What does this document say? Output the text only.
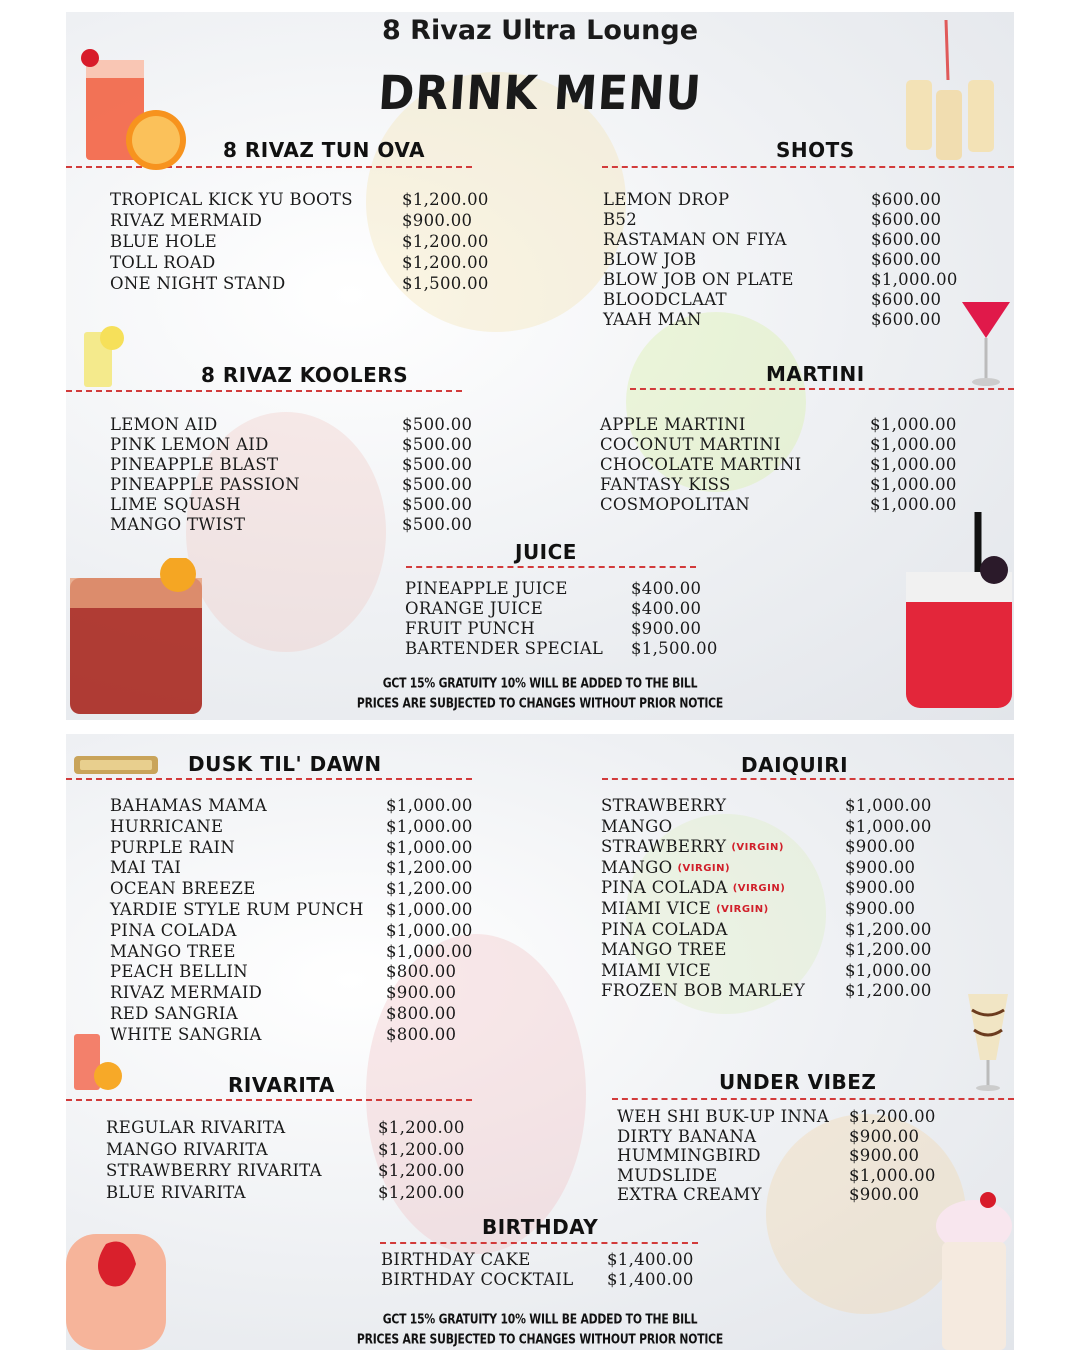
8 Rivaz Ultra Lounge
DRINK MENU
8 RIVAZ TUN OVA	SHOTS
TROPICAL KICK YU BOOTS	$1,200.00
RIVAZ MERMAID	$900.00
BLUE HOLE	$1,200.00
TOLL ROAD	$1,200.00
ONE NIGHT STAND	$1,500.00
LEMON DROP	$600.00
B52	$600.00
RASTAMAN ON FIYA	$600.00
BLOW JOB	$600.00
BLOW JOB ON PLATE	$1,000.00
BLOODCLAAT	$600.00
YAAH MAN	$600.00
8 RIVAZ KOOLERS	MARTINI
LEMON AID	$500.00
PINK LEMON AID	$500.00
PINEAPPLE BLAST	$500.00
PINEAPPLE PASSION	$500.00
LIME SQUASH	$500.00
MANGO TWIST	$500.00
APPLE MARTINI	$1,000.00
COCONUT MARTINI	$1,000.00
CHOCOLATE MARTINI	$1,000.00
FANTASY KISS	$1,000.00
COSMOPOLITAN	$1,000.00
JUICE
PINEAPPLE JUICE	$400.00
ORANGE JUICE	$400.00
FRUIT PUNCH	$900.00
BARTENDER SPECIAL $1,500.00
GCT 15% GRATUITY 10% WILL BE ADDED TO THE BILL
PRICES ARE SUBJECTED TO CHANGES WITHOUT PRIOR NOTICE
DUSK TIL' DAWN	DAIQUIRI
BAHAMAS MAMA	$1,000.00
HURRICANE	$1,000.00
PURPLE RAIN	$1,000.00
MAI TAI	$1,200.00
OCEAN BREEZE	$1,200.00
YARDIE STYLE RUM PUNCH $1,000.00
PINA COLADA	$1,000.00
MANGO TREE	$1,000.00
PEACH BELLIN	$800.00
RIVAZ MERMAID	$900.00
RED SANGRIA	$800.00
WHITE SANGRIA	$800.00
STRAWBERRY	$1,000.00
MANGO	$1,000.00
STRAWBERRY (VIRGIN)	$900.00
MANGO (VIRGIN)	$900.00
PINA COLADA (VIRGIN)	$900.00
MIAMI VICE (VIRGIN)	$900.00
PINA COLADA	$1,200.00
MANGO TREE	$1,200.00
MIAMI VICE	$1,000.00
FROZEN BOB MARLEY $1,200.00
RIVARITA	UNDER VIBEZ
REGULAR RIVARITA	$1,200.00
MANGO RIVARITA	$1,200.00
STRAWBERRY RIVARITA	$1,200.00
BLUE RIVARITA	$1,200.00
WEH SHI BUK-UP INNA $1,200.00
DIRTY BANANA	$900.00
HUMMINGBIRD	$900.00
MUDSLIDE	$1,000.00
EXTRA CREAMY	$900.00
BIRTHDAY
BIRTHDAY CAKE	$1,400.00
BIRTHDAY COCKTAIL $1,400.00
GCT 15% GRATUITY 10% WILL BE ADDED TO THE BILL
PRICES ARE SUBJECTED TO CHANGES WITHOUT PRIOR NOTICE
